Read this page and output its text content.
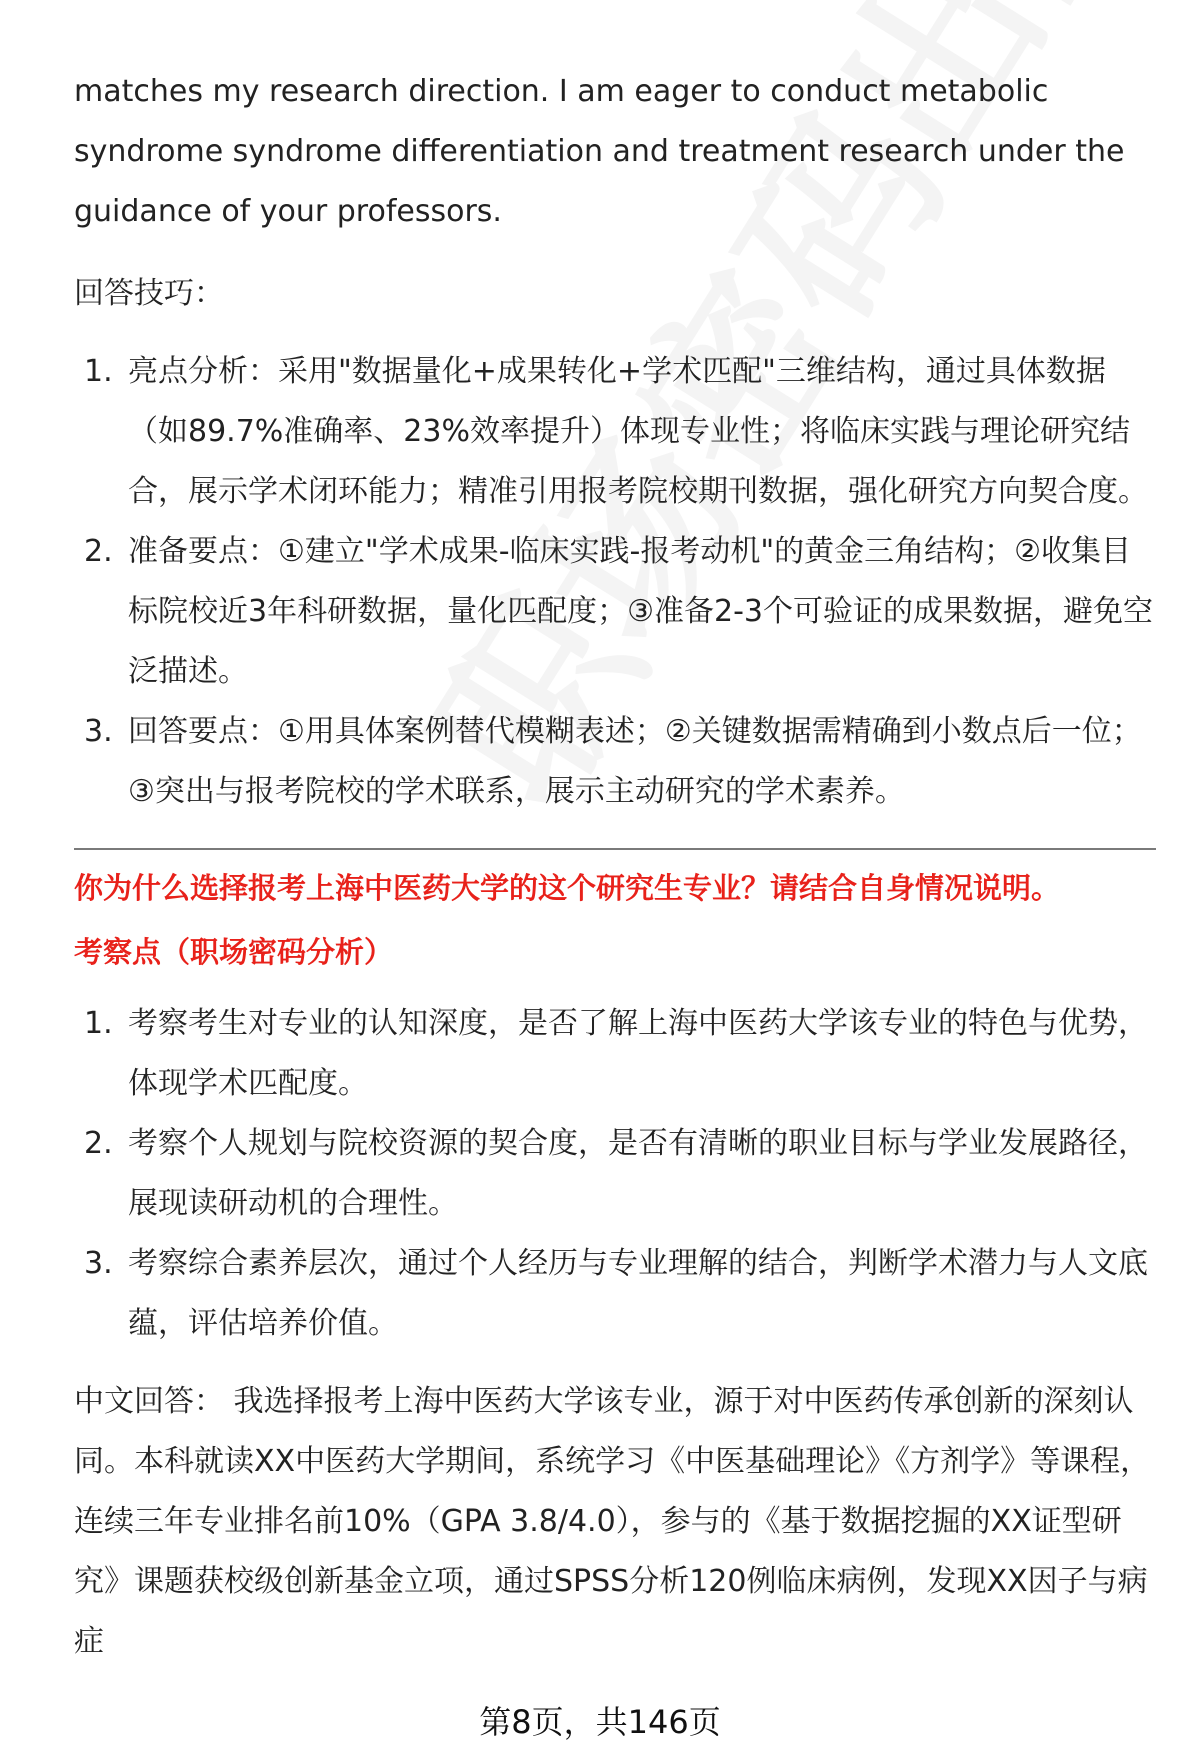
matches my research direction. I am eager to conduct metabolic syndrome syndrome differentiation and treatment research under the guidance of your professors.

回答技巧：

1. 亮点分析：采用"数据量化+成果转化+学术匹配"三维结构，通过具体数据（如89.7%准确率、23%效率提升）体现专业性；将临床实践与理论研究结合，展示学术闭环能力；精准引用报考院校期刊数据，强化研究方向契合度。
2. 准备要点：①建立"学术成果-临床实践-报考动机"的黄金三角结构；②收集目标院校近3年科研数据，量化匹配度；③准备2-3个可验证的成果数据，避免空泛描述。
3. 回答要点：①用具体案例替代模糊表述；②关键数据需精确到小数点后一位；③突出与报考院校的学术联系，展示主动研究的学术素养。

你为什么选择报考上海中医药大学的这个研究生专业？请结合自身情况说明。

考察点（职场密码分析）

1. 考察考生对专业的认知深度，是否了解上海中医药大学该专业的特色与优势，体现学术匹配度。
2. 考察个人规划与院校资源的契合度，是否有清晰的职业目标与学业发展路径，展现读研动机的合理性。
3. 考察综合素养层次，通过个人经历与专业理解的结合，判断学术潜力与人文底蕴，评估培养价值。

中文回答： 我选择报考上海中医药大学该专业，源于对中医药传承创新的深刻认同。本科就读XX中医药大学期间，系统学习《中医基础理论》《方剂学》等课程，连续三年专业排名前10%（GPA 3.8/4.0），参与的《基于数据挖掘的XX证型研究》课题获校级创新基金立项，通过SPSS分析120例临床病例，发现XX因子与病症

第8页，共146页
